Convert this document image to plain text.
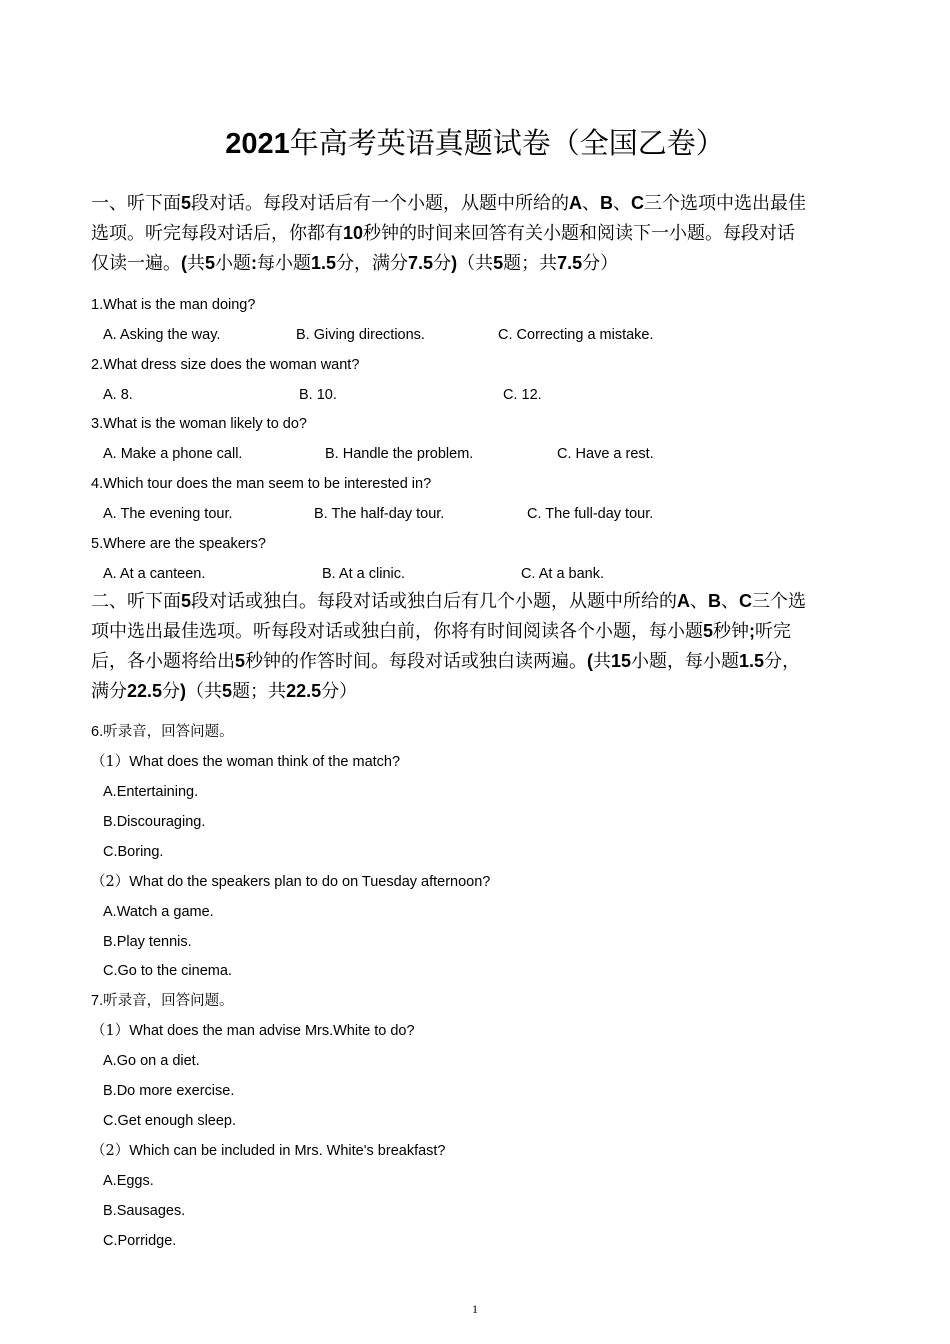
2021年高考英语真题试卷（全国乙卷）
一、听下面5段对话。每段对话后有一个小题，从题中所给的A、B、C三个选项中选出最佳
选项。听完每段对话后，你都有10秒钟的时间来回答有关小题和阅读下一小题。每段对话
仅读一遍。(共5小题:每小题1.5分，满分7.5分)（共5题；共7.5分）
1.What is the man doing?
A. Asking the way.	B. Giving directions.	C. Correcting a mistake.
2.What dress size does the woman want?
A. 8.	B. 10.	C. 12.
3.What is the woman likely to do?
A. Make a phone call.	B. Handle the problem.	C. Have a rest.
4.Which tour does the man seem to be interested in?
A. The evening tour.	B. The half-day tour.	C. The full-day tour.
5.Where are the speakers?
A. At a canteen.	B. At a clinic.	C. At a bank.
二、听下面5段对话或独白。每段对话或独白后有几个小题，从题中所给的A、B、C三个选
项中选出最佳选项。听每段对话或独白前，你将有时间阅读各个小题，每小题5秒钟;听完
后，各小题将给出5秒钟的作答时间。每段对话或独白读两遍。(共15小题，每小题1.5分，
满分22.5分)（共5题；共22.5分）
6.听录音，回答问题。
（1）What does the woman think of the match?
A.Entertaining.
B.Discouraging.
C.Boring.
（2）What do the speakers plan to do on Tuesday afternoon?
A.Watch a game.
B.Play tennis.
C.Go to the cinema.
7.听录音，回答问题。
（1）What does the man advise Mrs.White to do?
A.Go on a diet.
B.Do more exercise.
C.Get enough sleep.
（2）Which can be included in Mrs. White's breakfast?
A.Eggs.
B.Sausages.
C.Porridge.
1
